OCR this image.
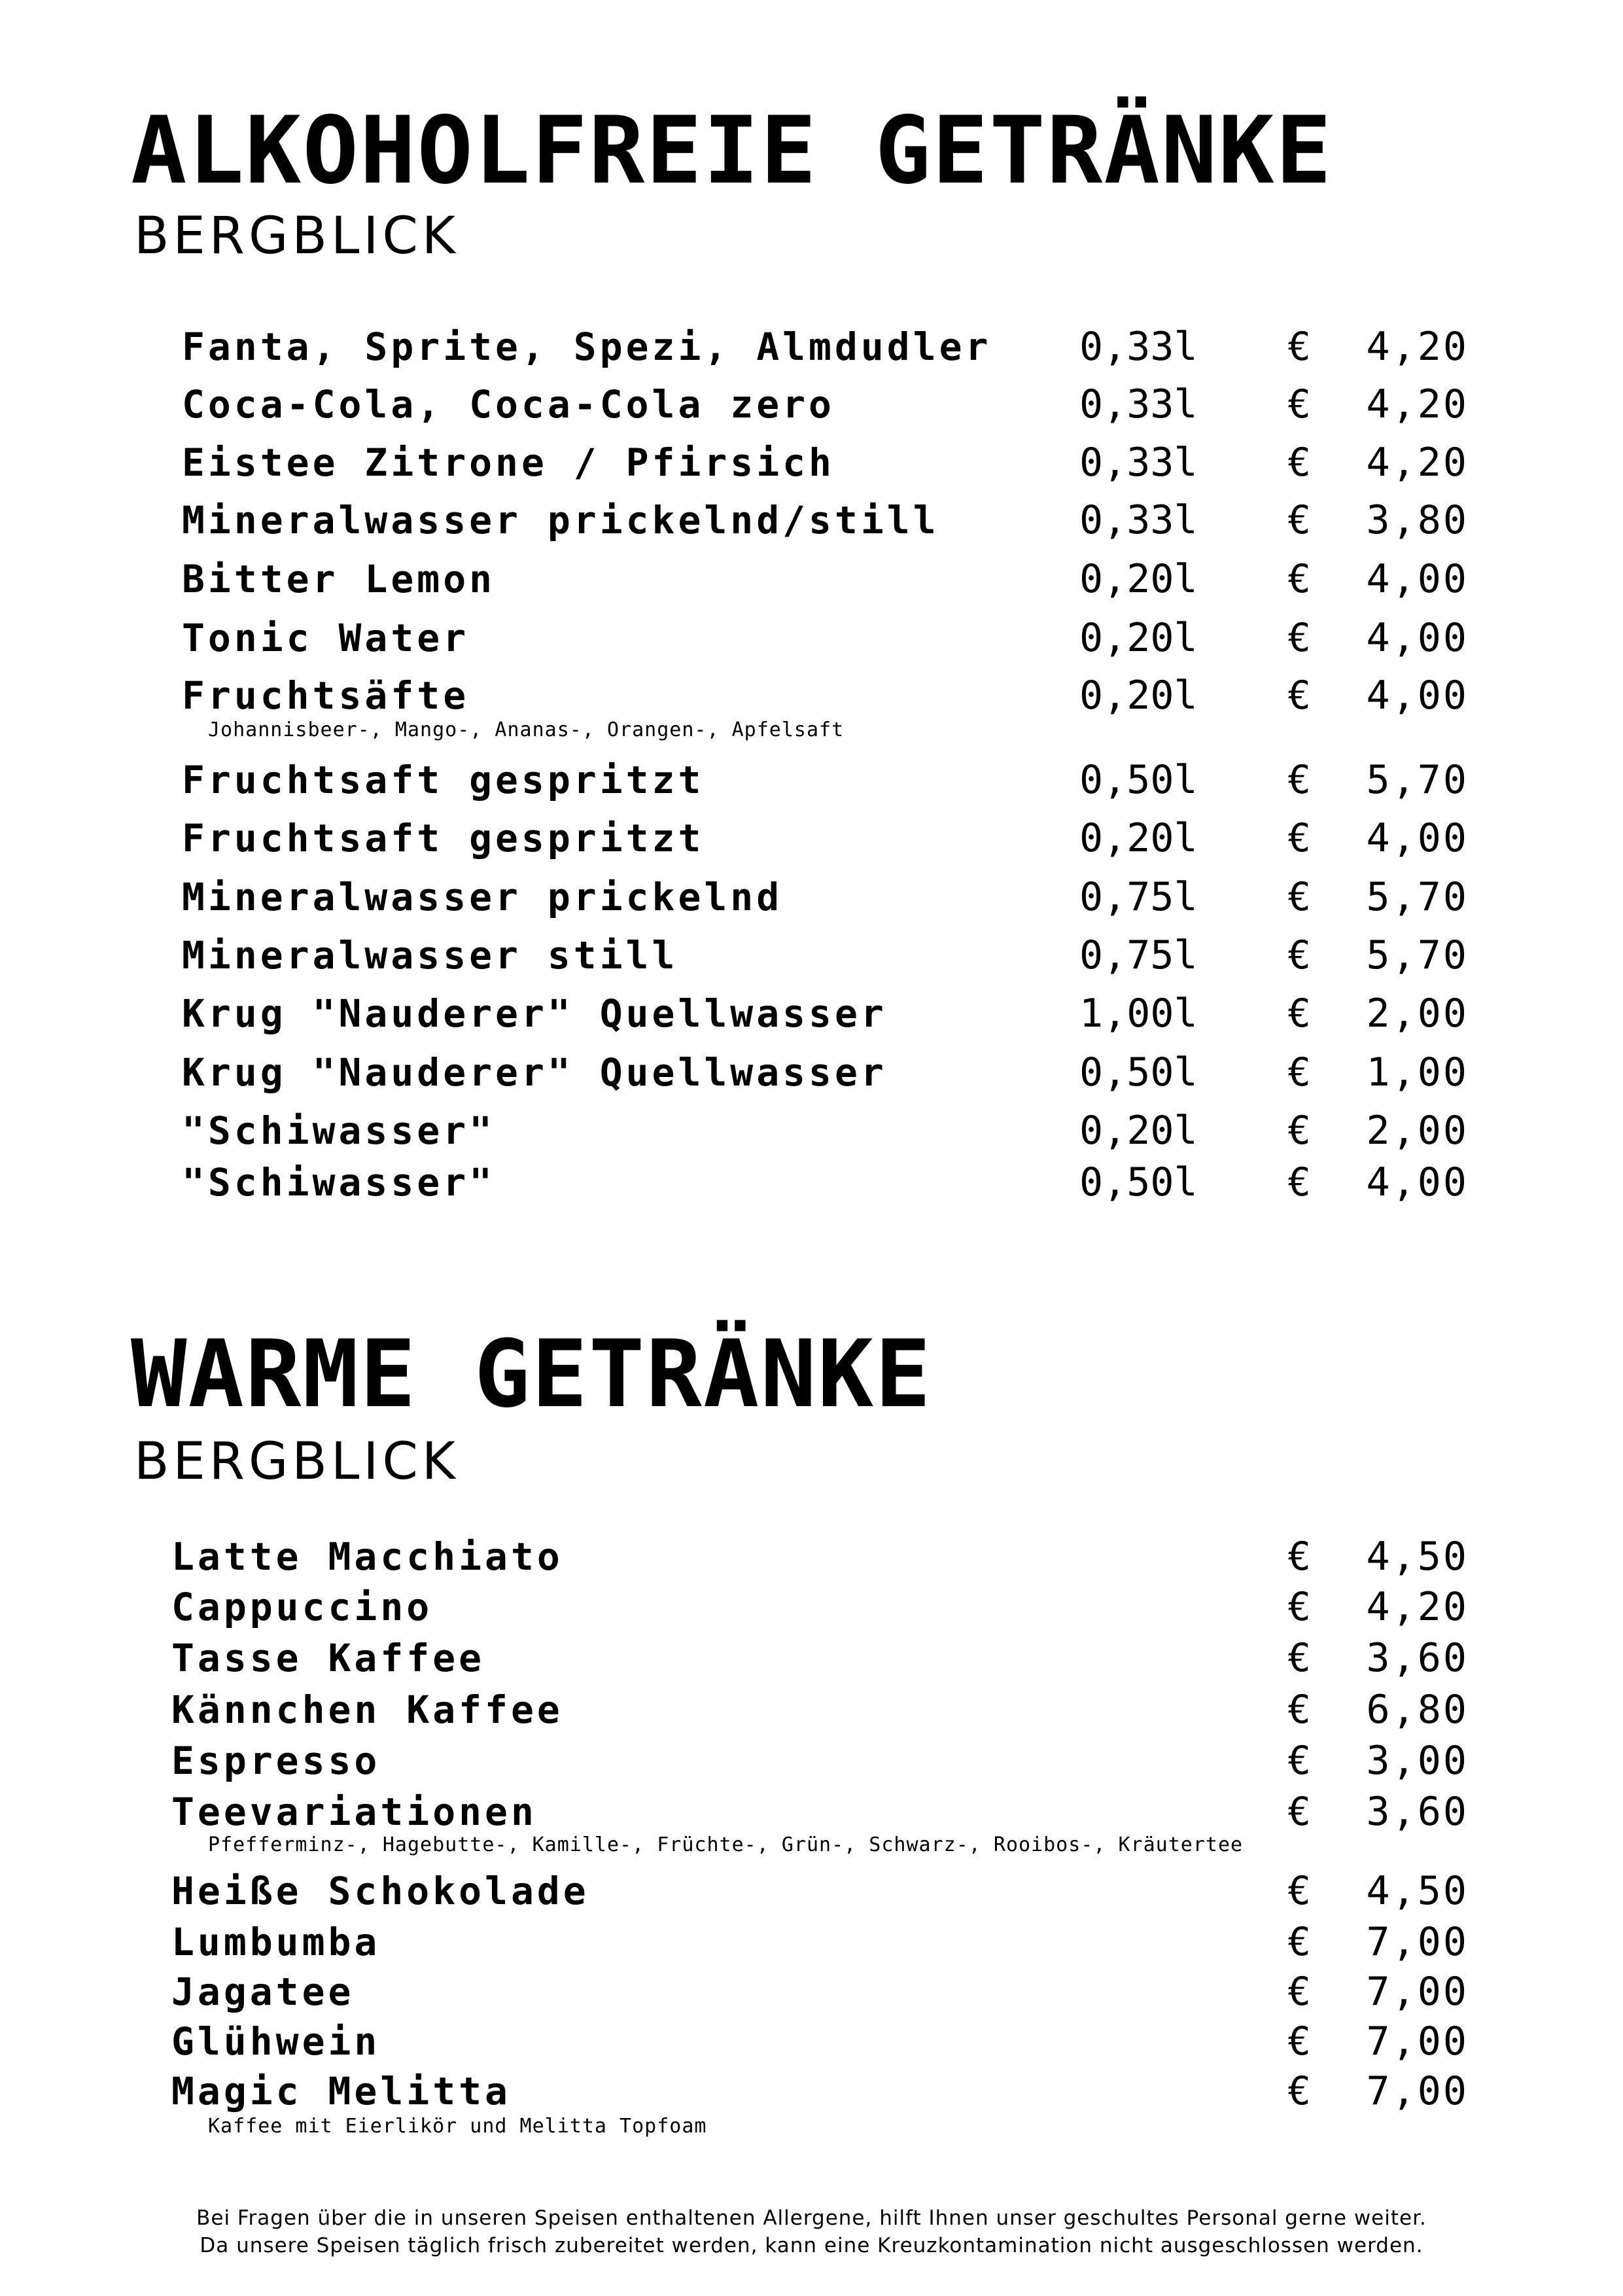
ALKOHOLFREIE GETRÄNKE
BERGBLICK
Fanta, Sprite, Spezi, Almdudler 0,33l € 4,20
Coca-Cola, Coca-Cola zero	0,33l € 4,20
Eistee Zitrone / Pfirsich	0,33l € 4,20
Mineralwasser prickelnd/still	0,33l € 3,80
Bitter Lemon	0,20l € 4,00
Tonic Water	0,20l € 4,00
Fruchtsäfte	0,20l € 4,00

Johannisbeer-, Mango-, Ananas-, Orangen-, Apfelsaft

Fruchtsaft gespritzt	0,50l € 5,70
Fruchtsaft gespritzt	0,20l € 4,00
Mineralwasser prickelnd	0,75l € 5,70
Mineralwasser still	0,75l € 5,70
Krug "Nauderer" Quellwasser	1,00l € 2,00
Krug "Nauderer" Quellwasser	0,50l € 1,00
"Schiwasser"	0,20l € 2,00
"Schiwasser"	0,50l € 4,00
WARME GETRÄNKE
BERGBLICK
Latte Macchiato	€ 4,50
Cappuccino	€ 4,20
Tasse Kaffee	€ 3,60
Kännchen Kaffee	€ 6,80
Espresso	€ 3,00
Teevariationen	€ 3,60

Pfefferminz-, Hagebutte-, Kamille-, Früchte-, Grün-, Schwarz-, Rooibos-, Kräutertee

Heiße Schokolade	€ 4,50
Lumbumba	€ 7,00
Jagatee	€ 7,00
Glühwein	€ 7,00
Magic Melitta	€ 7,00

Kaffee mit Eierlikör und Melitta Topfoam

Bei Fragen über die in unseren Speisen enthaltenen Allergene, hilft Ihnen unser geschultes Personal gerne weiter.

Da unsere Speisen täglich frisch zubereitet werden, kann eine Kreuzkontamination nicht ausgeschlossen werden.
